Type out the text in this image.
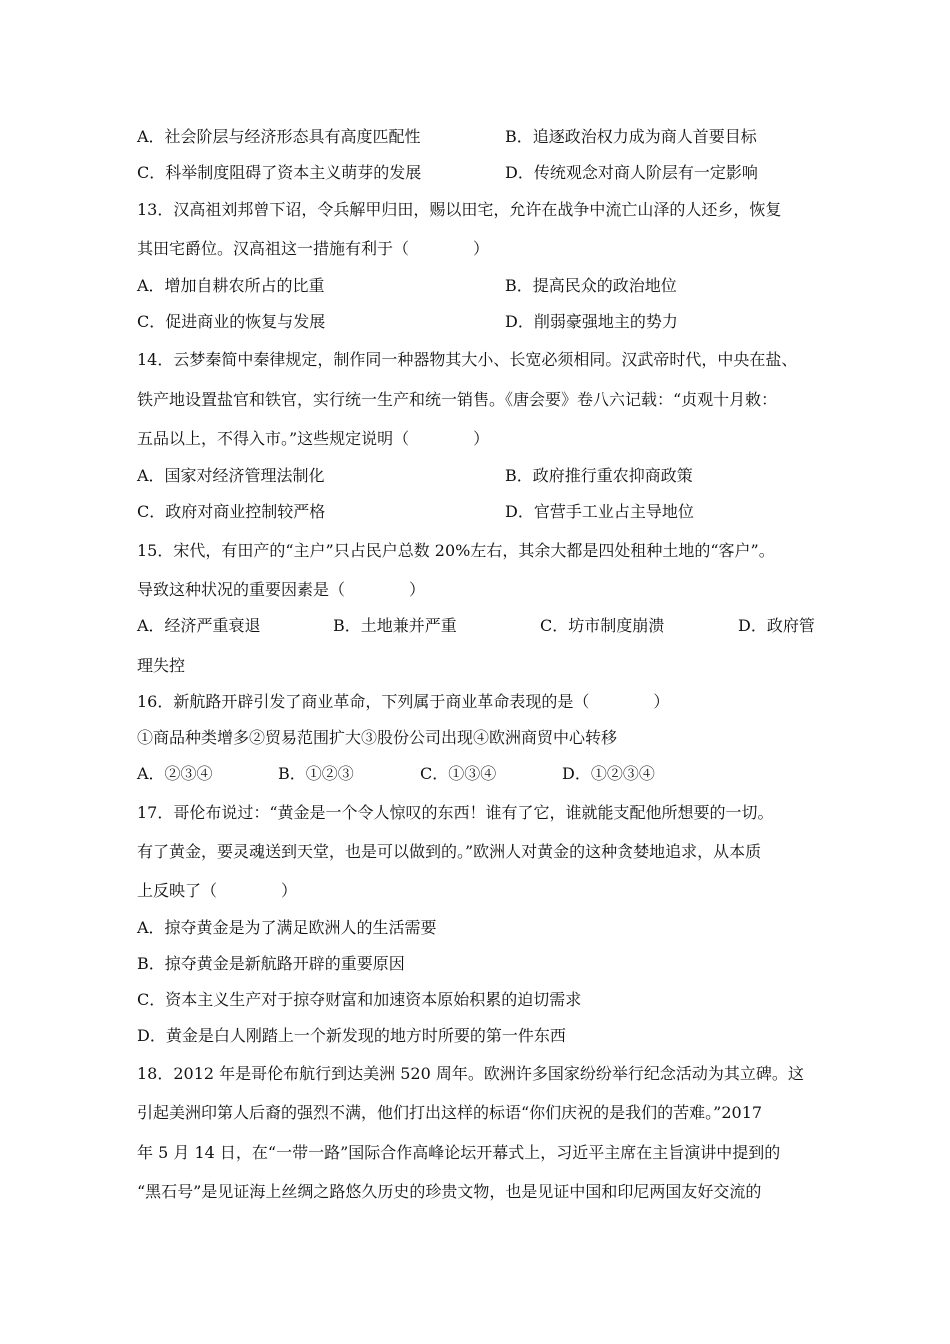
A．社会阶层与经济形态具有高度匹配性	B．追逐政治权力成为商人首要目标
C．科举制度阻碍了资本主义萌芽的发展	D．传统观念对商人阶层有一定影响
13．汉高祖刘邦曾下诏，令兵解甲归田，赐以田宅，允许在战争中流亡山泽的人还乡，恢复
其田宅爵位。汉高祖这一措施有利于（　　　　）
A．增加自耕农所占的比重	B．提高民众的政治地位
C．促进商业的恢复与发展	D．削弱豪强地主的势力
14．云梦秦简中秦律规定，制作同一种器物其大小、长宽必须相同。汉武帝时代，中央在盐、
铁产地设置盐官和铁官，实行统一生产和统一销售。《唐会要》卷八六记载：“贞观十月敕：
五品以上，不得入市。”这些规定说明（　　　　）
A．国家对经济管理法制化	B．政府推行重农抑商政策
C．政府对商业控制较严格	D．官营手工业占主导地位
15．宋代，有田产的“主户”只占民户总数 20%左右，其余大都是四处租种土地的“客户”。
导致这种状况的重要因素是（　　　　）
A．经济严重衰退	B．土地兼并严重	C．坊市制度崩溃	D．政府管
理失控
16．新航路开辟引发了商业革命，下列属于商业革命表现的是（　　　　）
①商品种类增多②贸易范围扩大③股份公司出现④欧洲商贸中心转移
A．②③④	B．①②③	C．①③④	D．①②③④
17．哥伦布说过：“黄金是一个令人惊叹的东西！谁有了它，谁就能支配他所想要的一切。
有了黄金，要灵魂送到天堂，也是可以做到的。”欧洲人对黄金的这种贪婪地追求，从本质
上反映了（　　　　）
A．掠夺黄金是为了满足欧洲人的生活需要
B．掠夺黄金是新航路开辟的重要原因
C．资本主义生产对于掠夺财富和加速资本原始积累的迫切需求
D．黄金是白人刚踏上一个新发现的地方时所要的第一件东西
18．2012 年是哥伦布航行到达美洲 520 周年。欧洲许多国家纷纷举行纪念活动为其立碑。这
引起美洲印第人后裔的强烈不满，他们打出这样的标语“你们庆祝的是我们的苦难。”2017
年 5 月 14 日，在“一带一路”国际合作高峰论坛开幕式上，习近平主席在主旨演讲中提到的
“黑石号”是见证海上丝绸之路悠久历史的珍贵文物，也是见证中国和印尼两国友好交流的
